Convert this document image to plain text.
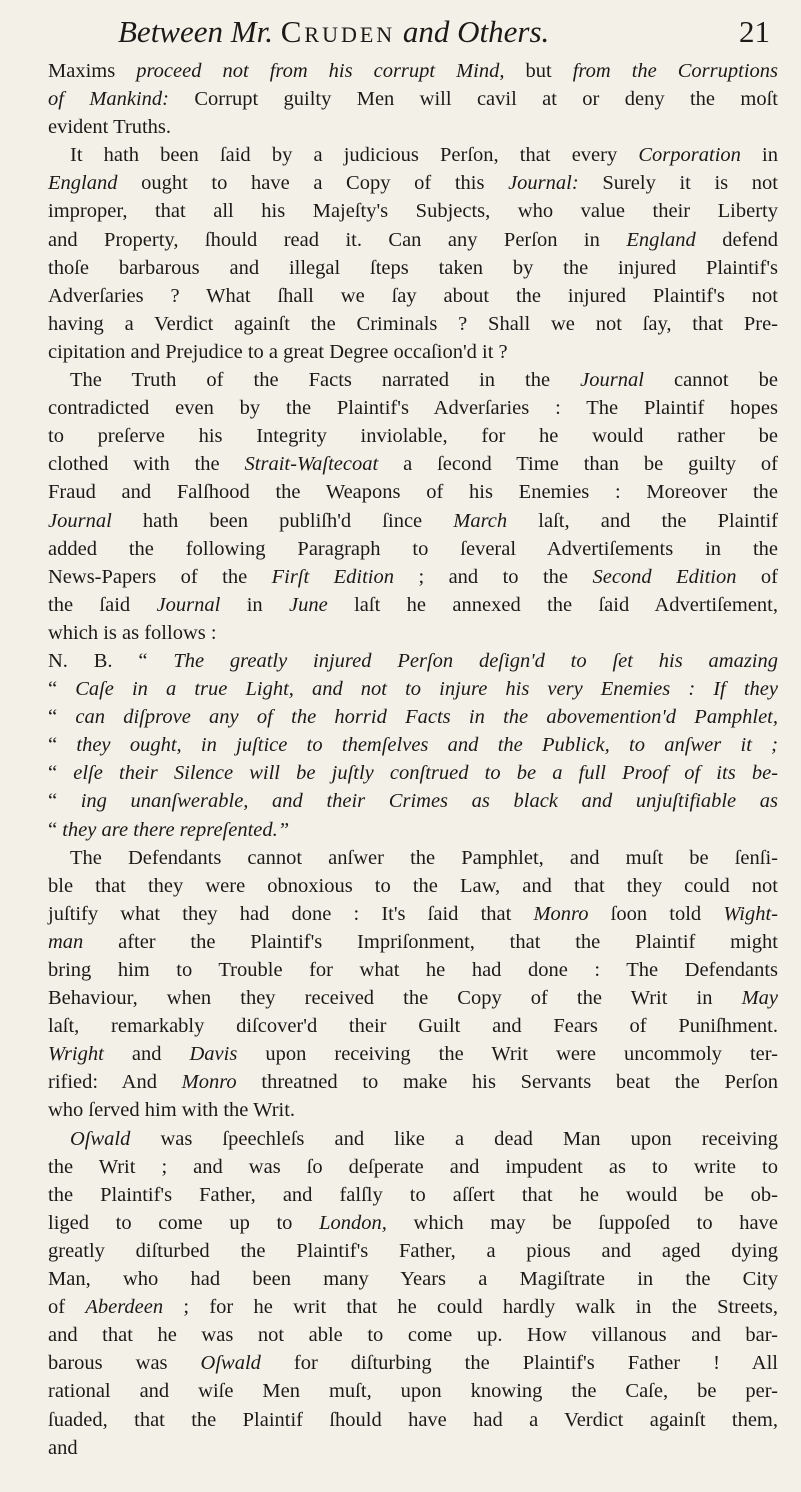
Between Mr. Cruden and Others.	21
Maxims proceed not from his corrupt Mind, but from the Corruptions
of Mankind: Corrupt guilty Men will cavil at or deny the moſt
evident Truths.
It hath been ſaid by a judicious Perſon, that every Corporation in
England ought to have a Copy of this Journal: Surely it is not
improper, that all his Majeſty's Subjects, who value their Liberty
and Property, ſhould read it. Can any Perſon in England defend
thoſe barbarous and illegal ſteps taken by the injured Plaintif's
Adverſaries ? What ſhall we ſay about the injured Plaintif's not
having a Verdict againſt the Criminals ? Shall we not ſay, that Pre-
cipitation and Prejudice to a great Degree occaſion'd it ?
The Truth of the Facts narrated in the Journal cannot be
contradicted even by the Plaintif's Adverſaries : The Plaintif hopes
to preſerve his Integrity inviolable, for he would rather be
clothed with the Strait-Waſtecoat a ſecond Time than be guilty of
Fraud and Falſhood the Weapons of his Enemies : Moreover the
Journal hath been publiſh'd ſince March laſt, and the Plaintif
added the following Paragraph to ſeveral Advertiſements in the
News-Papers of the Firſt Edition ; and to the Second Edition of
the ſaid Journal in June laſt he annexed the ſaid Advertiſement,
which is as follows :
N. B. “ The greatly injured Perſon deſign'd to ſet his amazing
“ Caſe in a true Light, and not to injure his very Enemies : If they
“ can diſprove any of the horrid Facts in the abovemention'd Pamphlet,
“ they ought, in juſtice to themſelves and the Publick, to anſwer it ;
“ elſe their Silence will be juſtly conſtrued to be a full Proof of its be-
“ ing unanſwerable, and their Crimes as black and unjuſtifiable as
“ they are there repreſented.”
The Defendants cannot anſwer the Pamphlet, and muſt be ſenſi-
ble that they were obnoxious to the Law, and that they could not
juſtify what they had done : It's ſaid that Monro ſoon told Wight-
man after the Plaintif's Impriſonment, that the Plaintif might
bring him to Trouble for what he had done : The Defendants
Behaviour, when they received the Copy of the Writ in May
laſt, remarkably diſcover'd their Guilt and Fears of Puniſhment.
Wright and Davis upon receiving the Writ were uncommoly ter-
rified: And Monro threatned to make his Servants beat the Perſon
who ſerved him with the Writ.
Oſwald was ſpeechleſs and like a dead Man upon receiving
the Writ ; and was ſo deſperate and impudent as to write to
the Plaintif's Father, and falſly to aſſert that he would be ob-
liged to come up to London, which may be ſuppoſed to have
greatly diſturbed the Plaintif's Father, a pious and aged dying
Man, who had been many Years a Magiſtrate in the City
of Aberdeen ; for he writ that he could hardly walk in the Streets,
and that he was not able to come up. How villanous and bar-
barous was Oſwald for diſturbing the Plaintif's Father ! All
rational and wiſe Men muſt, upon knowing the Caſe, be per-
ſuaded, that the Plaintif ſhould have had a Verdict againſt them,
and
